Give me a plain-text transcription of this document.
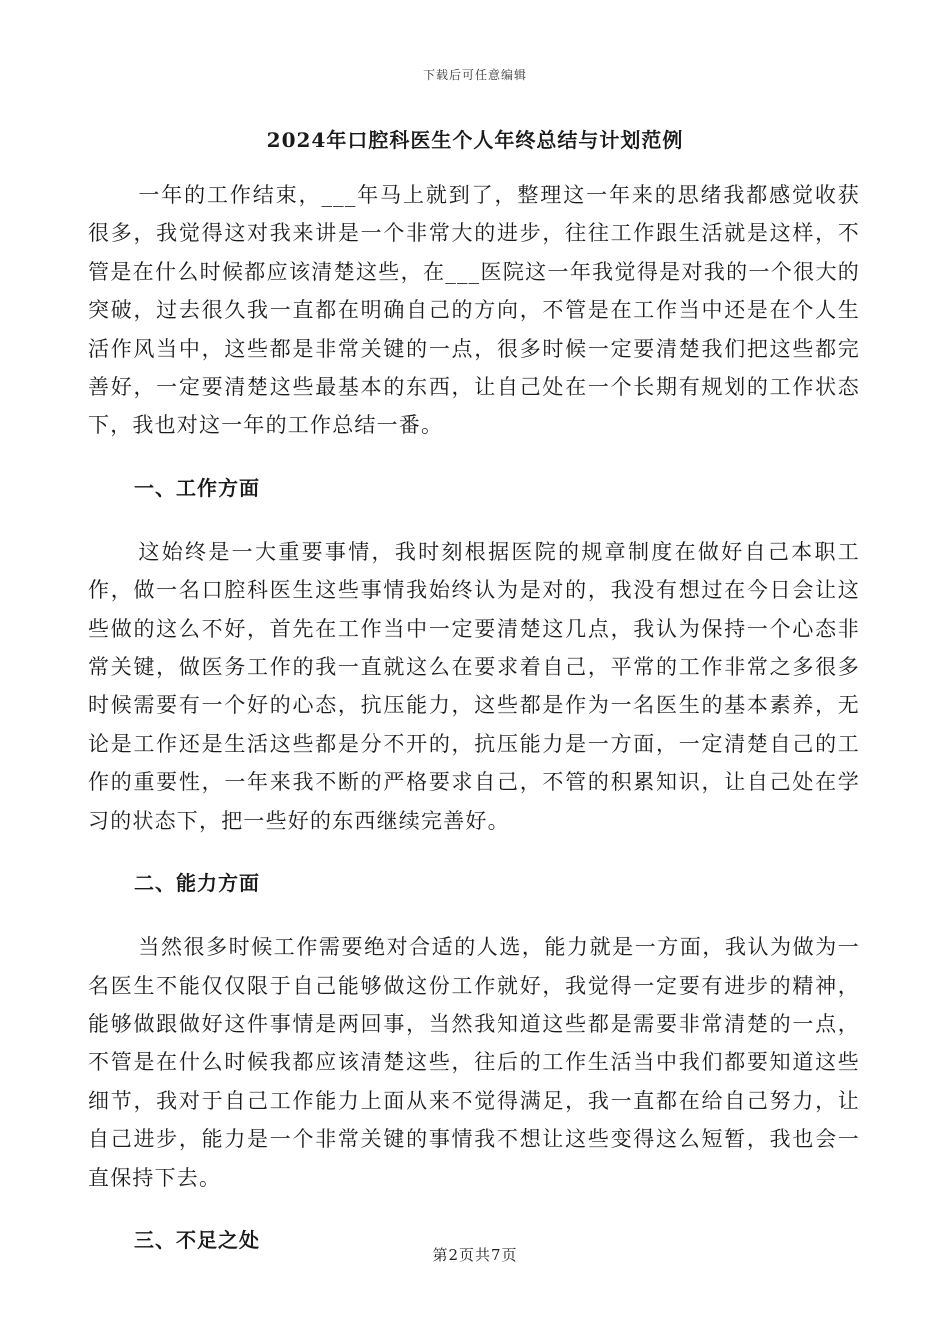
下载后可任意编辑
2024年口腔科医生个人年终总结与计划范例

一年的工作结束，___年马上就到了，整理这一年来的思绪我都感觉收获很多，我觉得这对我来讲是一个非常大的进步，往往工作跟生活就是这样，不管是在什么时候都应该清楚这些，在___医院这一年我觉得是对我的一个很大的突破，过去很久我一直都在明确自己的方向，不管是在工作当中还是在个人生活作风当中，这些都是非常关键的一点，很多时候一定要清楚我们把这些都完善好，一定要清楚这些最基本的东西，让自己处在一个长期有规划的工作状态下，我也对这一年的工作总结一番。

一、工作方面

这始终是一大重要事情，我时刻根据医院的规章制度在做好自己本职工作，做一名口腔科医生这些事情我始终认为是对的，我没有想过在今日会让这些做的这么不好，首先在工作当中一定要清楚这几点，我认为保持一个心态非常关键，做医务工作的我一直就这么在要求着自己，平常的工作非常之多很多时候需要有一个好的心态，抗压能力，这些都是作为一名医生的基本素养，无论是工作还是生活这些都是分不开的，抗压能力是一方面，一定清楚自己的工作的重要性，一年来我不断的严格要求自己，不管的积累知识，让自己处在学习的状态下，把一些好的东西继续完善好。

二、能力方面

当然很多时候工作需要绝对合适的人选，能力就是一方面，我认为做为一名医生不能仅仅限于自己能够做这份工作就好，我觉得一定要有进步的精神，能够做跟做好这件事情是两回事，当然我知道这些都是需要非常清楚的一点，不管是在什么时候我都应该清楚这些，往后的工作生活当中我们都要知道这些细节，我对于自己工作能力上面从来不觉得满足，我一直都在给自己努力，让自己进步，能力是一个非常关键的事情我不想让这些变得这么短暂，我也会一直保持下去。

三、不足之处
第2页共7页
